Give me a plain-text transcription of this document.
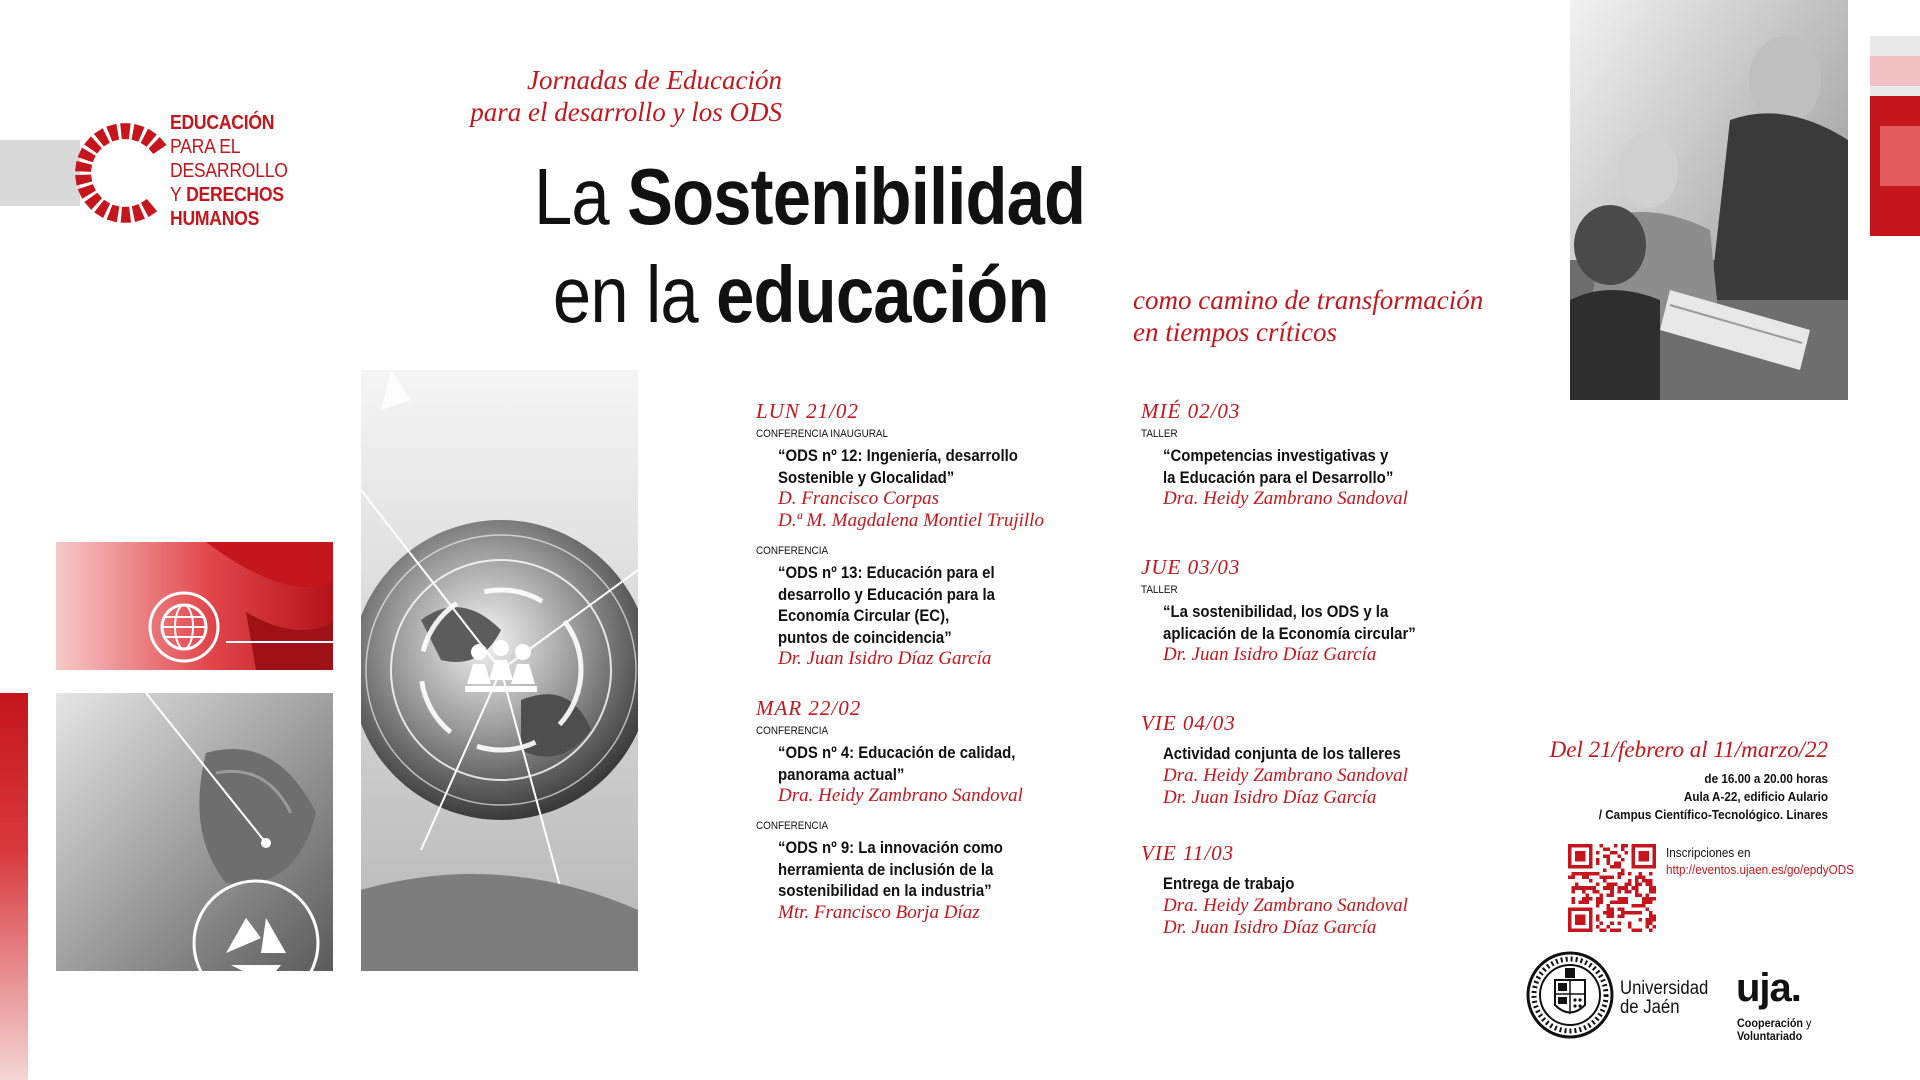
EDUCACIÓN
PARA EL
DESARROLLO
Y DERECHOS
HUMANOS
Jornadas de Educación
para el desarrollo y los ODS
La Sostenibilidad
en la educación	como camino de transformación
en tiempos críticos
LUN 21/02
CONFERENCIA INAUGURAL
“ODS nº 12: Ingeniería, desarrollo
Sostenible y Glocalidad”
D. Francisco Corpas
D.ª M. Magdalena Montiel Trujillo
CONFERENCIA
“ODS nº 13: Educación para el
desarrollo y Educación para la
Economía Circular (EC),
puntos de coincidencia”
Dr. Juan Isidro Díaz García
MAR 22/02
CONFERENCIA
“ODS nº 4: Educación de calidad,
panorama actual”
Dra. Heidy Zambrano Sandoval
CONFERENCIA
“ODS nº 9: La innovación como
herramienta de inclusión de la
sostenibilidad en la industria”
Mtr. Francisco Borja Díaz
MIÉ 02/03
TALLER
“Competencias investigativas y
la Educación para el Desarrollo”
Dra. Heidy Zambrano Sandoval
JUE 03/03
TALLER
“La sostenibilidad, los ODS y la
aplicación de la Economía circular”
Dr. Juan Isidro Díaz García
VIE 04/03
Actividad conjunta de los talleres
Dra. Heidy Zambrano Sandoval
Dr. Juan Isidro Díaz García
VIE 11/03
Entrega de trabajo
Dra. Heidy Zambrano Sandoval
Dr. Juan Isidro Díaz García
Del 21/febrero al 11/marzo/22
de 16.00 a 20.00 horas
Aula A-22, edificio Aulario
/ Campus Científico-Tecnológico. Linares
Inscripciones en
http://eventos.ujaen.es/go/epdyODS
Universidad
de Jaén	uja.
Cooperación y
Voluntariado
